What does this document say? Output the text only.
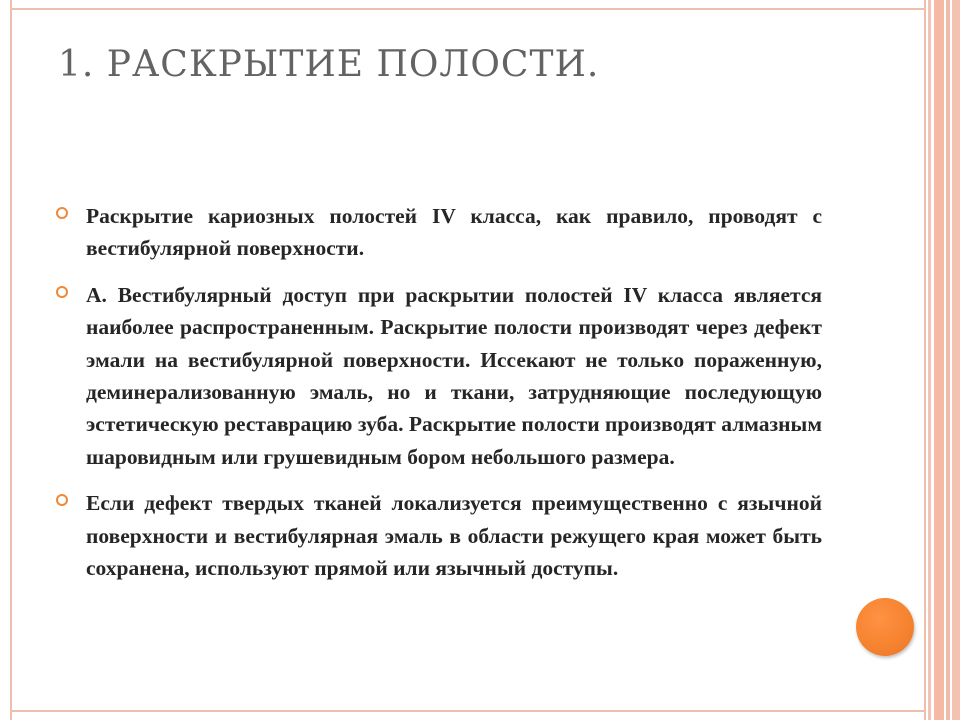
1. РАСКРЫТИЕ ПОЛОСТИ.
Раскрытие кариозных полостей IV класса, как правило, проводят с вестибулярной поверхности.
А. Вестибулярный доступ при раскрытии полостей IV класса является наиболее распространенным. Раскрытие полости производят через дефект эмали на вестибулярной поверхности. Иссекают не только пораженную, деминерализованную эмаль, но и ткани, затрудняющие последующую эстетическую реставрацию зуба. Раскрытие полости производят алмазным шаровидным или грушевидным бором небольшого размера.
Если дефект твердых тканей локализуется преимущественно с язычной поверхности и вестибулярная эмаль в области режущего края может быть сохранена, используют прямой или язычный доступы.
